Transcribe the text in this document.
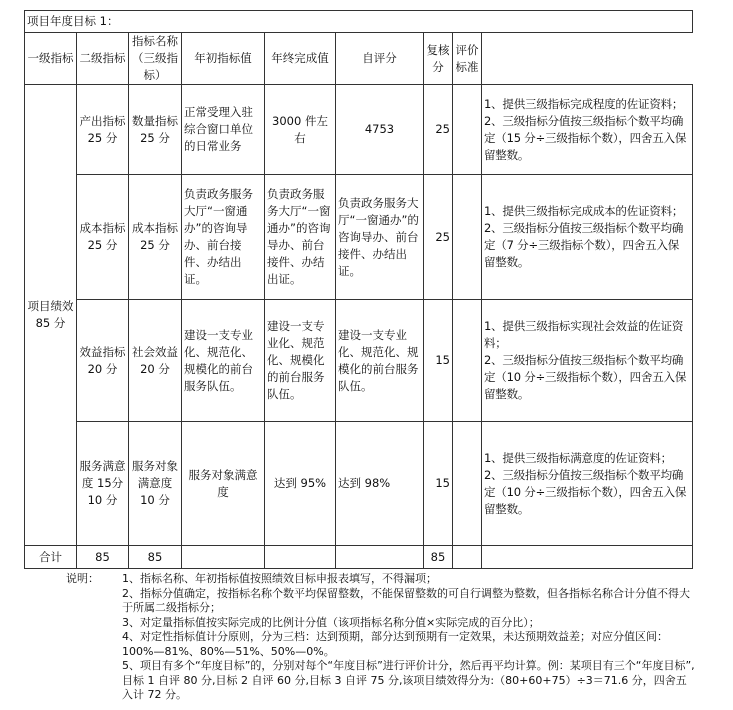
项目年度目标 1：								
一级指标	二级指标	指标名称（三级指标）	年初指标值	年终完成值	自评分	复核分	评价标准	
项目绩效85 分	产出指标 25 分	数量指标 25 分	正常受理入驻综合窗口单位的日常业务	3000 件左右	4753	25		1、提供三级指标完成程度的佐证资料；
2、三级指标分值按三级指标个数平均确定（15 分÷三级指标个数），四舍五入保留整数。

	成本指标25 分	成本指标 25 分	负责政务服务大厅“一窗通办”的咨询导办、前台接件、办结出证。	负责政务服务大厅“一窗通办”的咨询导办、前台接件、办结出证。	负责政务服务大厅“一窗通办”的咨询导办、前台接件、办结出证。	25		1、提供三级指标完成成本的佐证资料；
2、三级指标分值按三级指标个数平均确定（7 分÷三级指标个数），四舍五入保留整数。

	效益指标20 分	社会效益 20 分	建设一支专业化、规范化、规模化的前台服务队伍。	建设一支专业化、规范化、规模化的前台服务队伍。	建设一支专业化、规范化、规模化的前台服务队伍。	15		1、提供三级指标实现社会效益的佐证资料；
2、三级指标分值按三级指标个数平均确定（10 分÷三级指标个数），四舍五入保留整数。

	服务满意度 15分10 分	服务对象满意度10 分	服务对象满意度	达到 95%	达到 98%	15		1、提供三级指标满意度的佐证资料；
2、三级指标分值按三级指标个数平均确定（10 分÷三级指标个数），四舍五入保留整数。

合计	85	85				85		
说明： 1、指标名称、年初指标值按照绩效目标申报表填写，不得漏项；
2、指标分值确定，按指标名称个数平均保留整数，不能保留整数的可自行调整为整数，但各指标名称合计分值不得大于所属二级指标分；
3、对定量指标值按实际完成的比例计分值（该项指标名称分值×实际完成的百分比）；
4、对定性指标值计分原则，分为三档：达到预期，部分达到预期有一定效果，未达预期效益差；对应分值区间：100%—81%、80%—51%、50%—0%。
5、项目有多个“年度目标”的，分别对每个“年度目标”进行评价计分，然后再平均计算。例：某项目有三个“年度目标”,目标 1 自评 80 分,目标 2 自评 60 分,目标 3 自评 75 分,该项目绩效得分为:（80+60+75）÷3＝71.6 分，四舍五入计 72 分。
